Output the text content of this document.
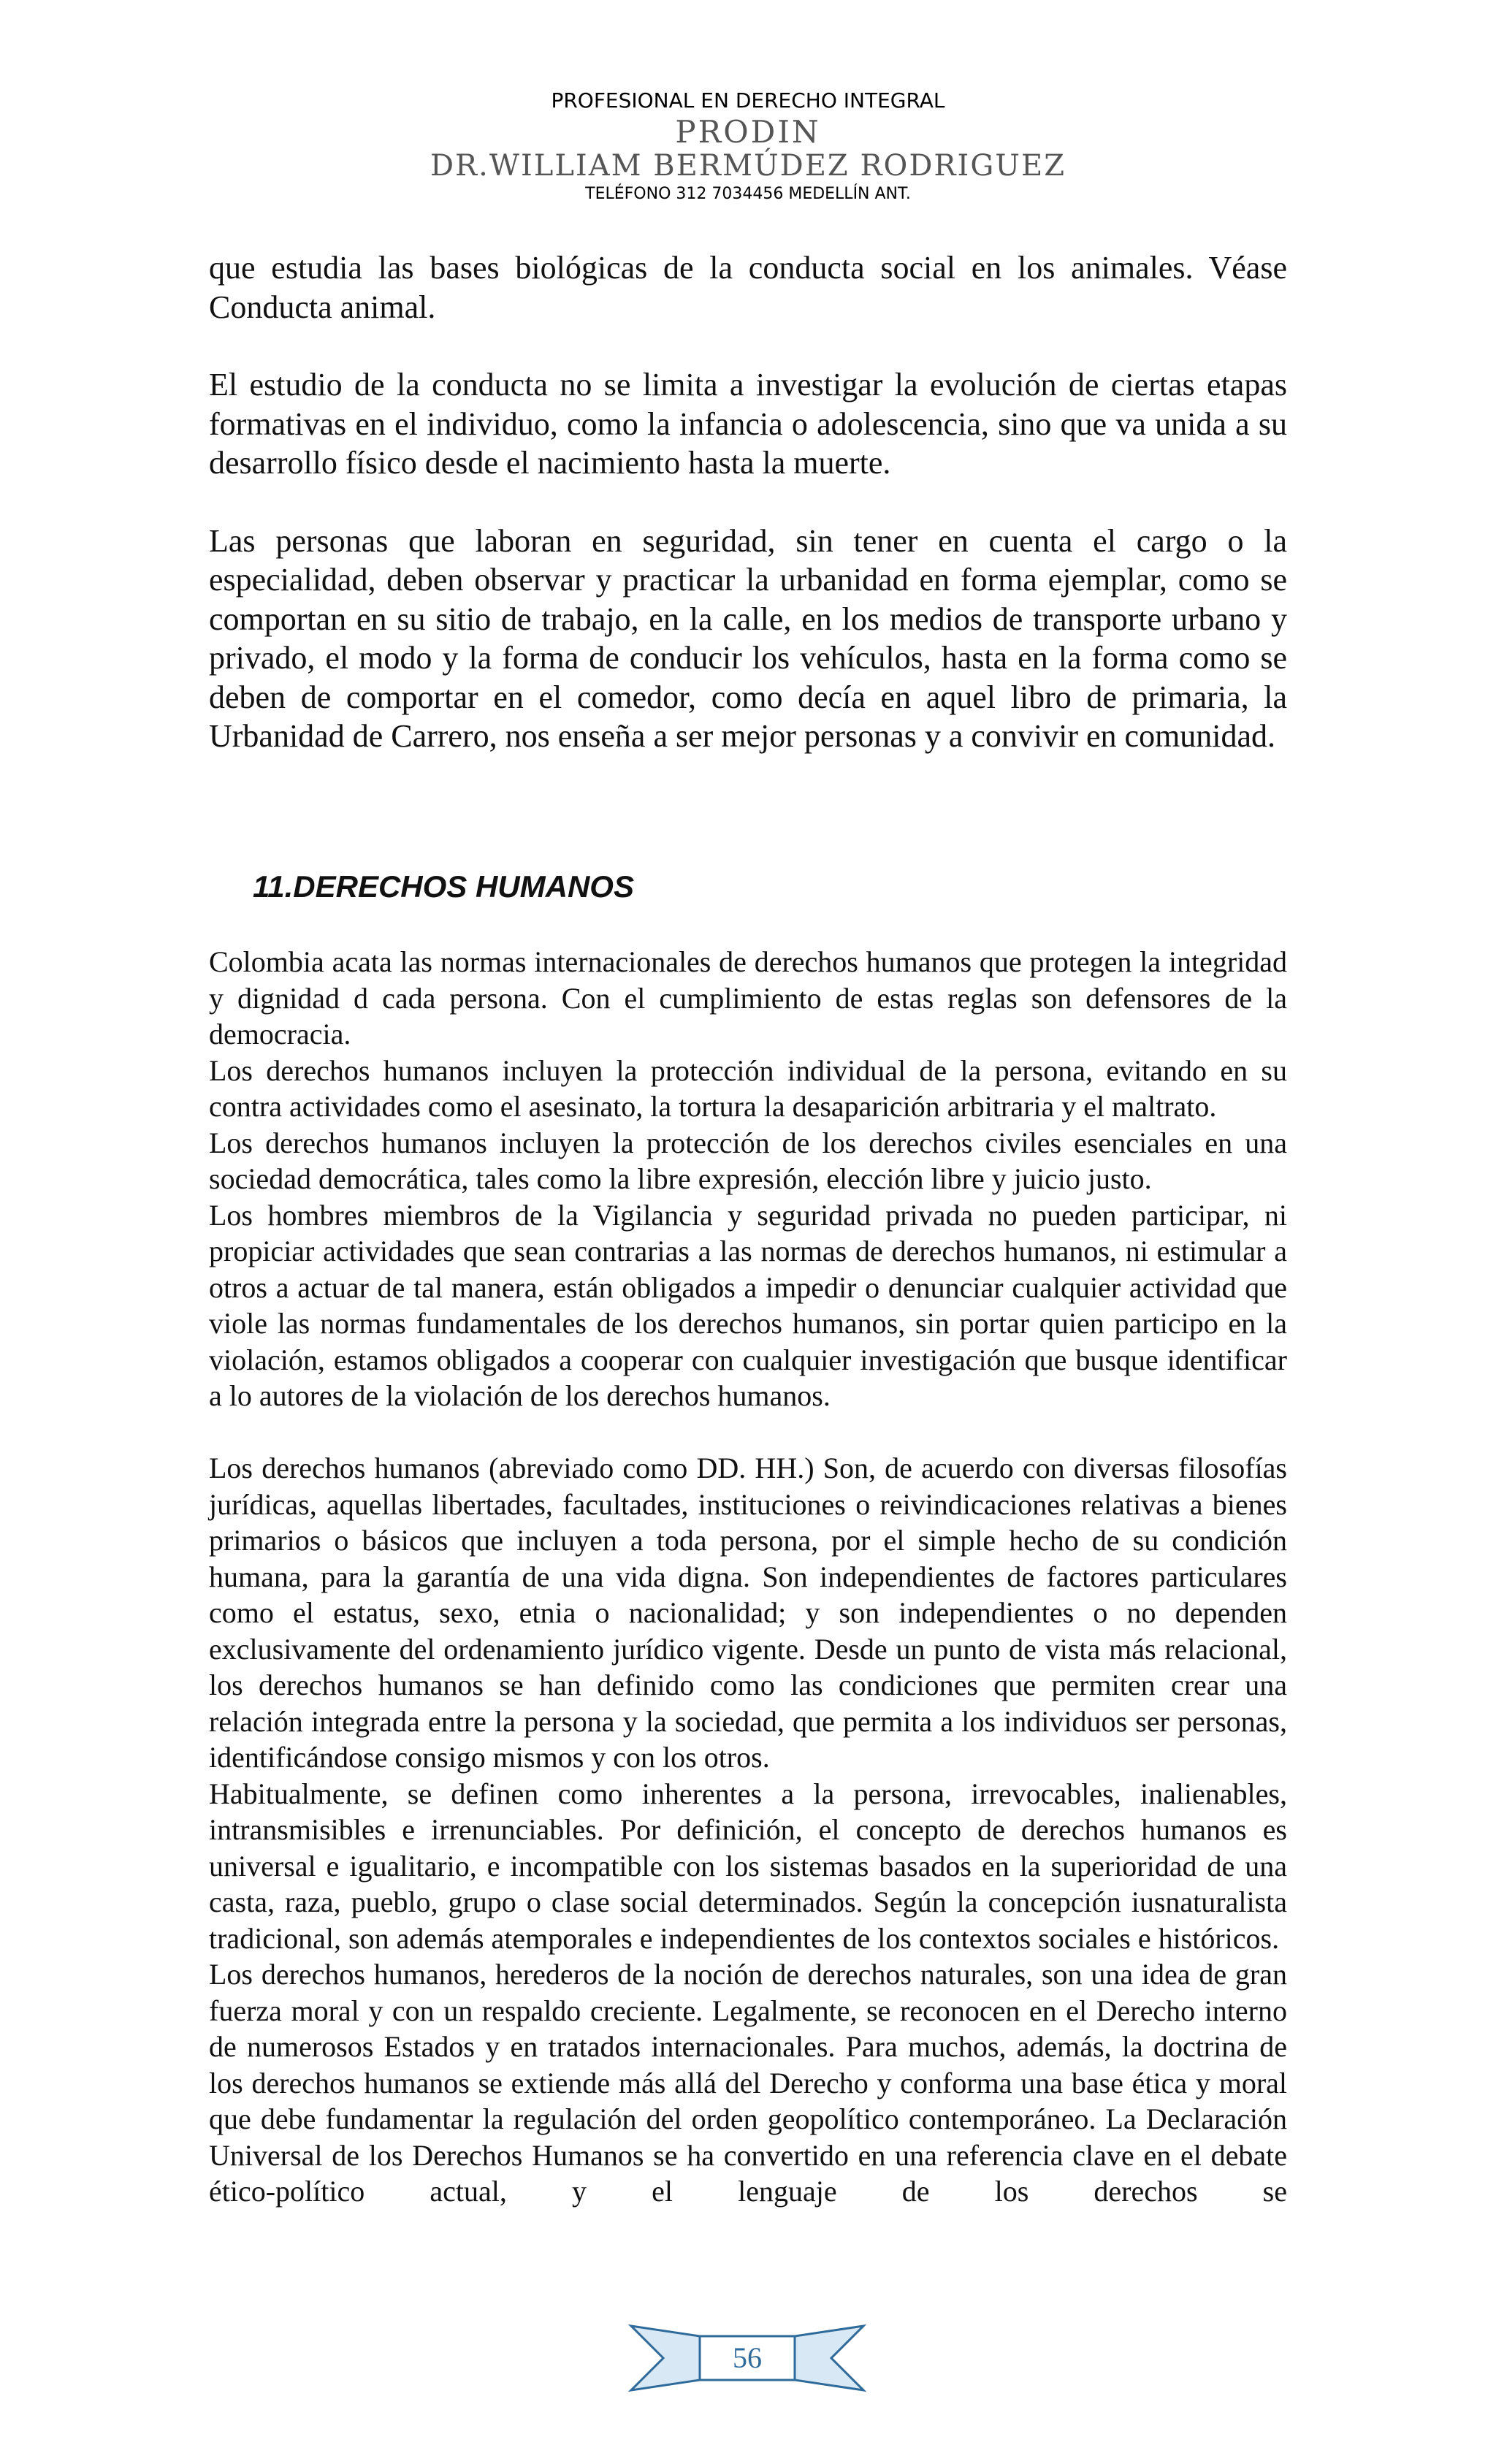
PROFESIONAL EN DERECHO INTEGRAL
PRODIN
DR.WILLIAM BERMÚDEZ RODRIGUEZ
TELÉFONO 312 7034456 MEDELLÍN ANT.

que estudia las bases biológicas de la conducta social en los animales. Véase Conducta animal.

El estudio de la conducta no se limita a investigar la evolución de ciertas etapas formativas en el individuo, como la infancia o adolescencia, sino que va unida a su desarrollo físico desde el nacimiento hasta la muerte.

Las personas que laboran en seguridad, sin tener en cuenta el cargo o la especialidad, deben observar y practicar la urbanidad en forma ejemplar, como se comportan en su sitio de trabajo, en la calle, en los medios de transporte urbano y privado, el modo y la forma de conducir los vehículos, hasta en la forma como se deben de comportar en el comedor, como decía en aquel libro de primaria, la Urbanidad de Carrero, nos enseña a ser mejor personas y a convivir en comunidad.

11.DERECHOS HUMANOS

Colombia acata las normas internacionales de derechos humanos que protegen la integridad y dignidad d cada persona. Con el cumplimiento de estas reglas son defensores de la democracia.

Los derechos humanos incluyen la protección individual de la persona, evitando en su contra actividades como el asesinato, la tortura la desaparición arbitraria y el maltrato.

Los derechos humanos incluyen la protección de los derechos civiles esenciales en una sociedad democrática, tales como la libre expresión, elección libre y juicio justo.

Los hombres miembros de la Vigilancia y seguridad privada no pueden participar, ni propiciar actividades que sean contrarias a las normas de derechos humanos, ni estimular a otros a actuar de tal manera, están obligados a impedir o denunciar cualquier actividad que viole las normas fundamentales de los derechos humanos, sin portar quien participo en la violación, estamos obligados a cooperar con cualquier investigación que busque identificar a lo autores de la violación de los derechos humanos.

Los derechos humanos (abreviado como DD. HH.) Son, de acuerdo con diversas filosofías jurídicas, aquellas libertades, facultades, instituciones o reivindicaciones relativas a bienes primarios o básicos que incluyen a toda persona, por el simple hecho de su condición humana, para la garantía de una vida digna. Son independientes de factores particulares como el estatus, sexo, etnia o nacionalidad; y son independientes o no dependen exclusivamente del ordenamiento jurídico vigente. Desde un punto de vista más relacional, los derechos humanos se han definido como las condiciones que permiten crear una relación integrada entre la persona y la sociedad, que permita a los individuos ser personas, identificándose consigo mismos y con los otros.

Habitualmente, se definen como inherentes a la persona, irrevocables, inalienables, intransmisibles e irrenunciables. Por definición, el concepto de derechos humanos es universal e igualitario, e incompatible con los sistemas basados en la superioridad de una casta, raza, pueblo, grupo o clase social determinados. Según la concepción iusnaturalista tradicional, son además atemporales e independientes de los contextos sociales e históricos.

Los derechos humanos, herederos de la noción de derechos naturales, son una idea de gran fuerza moral y con un respaldo creciente. Legalmente, se reconocen en el Derecho interno de numerosos Estados y en tratados internacionales. Para muchos, además, la doctrina de los derechos humanos se extiende más allá del Derecho y conforma una base ética y moral que debe fundamentar la regulación del orden geopolítico contemporáneo. La Declaración Universal de los Derechos Humanos se ha convertido en una referencia clave en el debate ético-político actual, y el lenguaje de los derechos se

56
